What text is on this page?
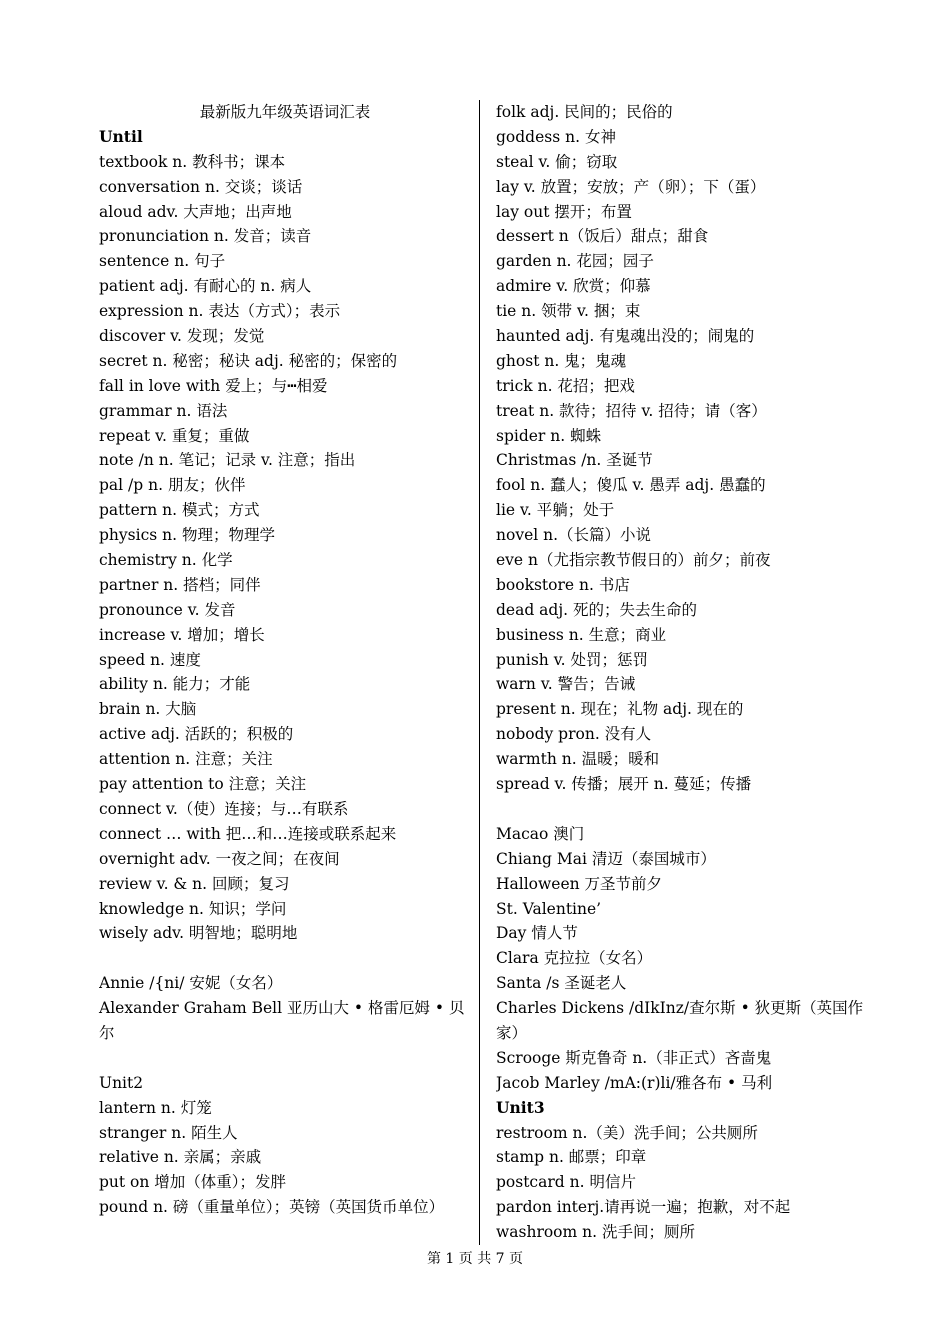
最新版九年级英语词汇表
Until
textbook n. 教科书；课本
conversation n. 交谈；谈话
aloud adv. 大声地；出声地
pronunciation n. 发音；读音
sentence n. 句子
patient adj. 有耐心的 n. 病人
expression n. 表达（方式）；表示
discover v. 发现；发觉
secret n. 秘密；秘诀 adj. 秘密的；保密的
fall in love with 爱上；与┅相爱
grammar n. 语法
repeat v. 重复；重做
note /n n. 笔记；记录 v. 注意；指出
pal /p n. 朋友；伙伴
pattern n. 模式；方式
physics n. 物理；物理学
chemistry n. 化学
partner n. 搭档；同伴
pronounce v. 发音
increase v. 增加；增长
speed n. 速度
ability n. 能力；才能
brain n. 大脑
active adj. 活跃的；积极的
attention n. 注意；关注
pay attention to 注意；关注
connect v.（使）连接；与…有联系
connect … with 把…和…连接或联系起来
overnight adv. 一夜之间；在夜间
review v. & n. 回顾；复习
knowledge n. 知识；学问
wisely adv. 明智地；聪明地

Annie /{ni/ 安妮（女名）
Alexander Graham Bell 亚历山大 • 格雷厄姆 • 贝尔

Unit2
lantern n. 灯笼
stranger n. 陌生人
relative n. 亲属；亲戚
put on 增加（体重）；发胖
pound n. 磅（重量单位）；英镑（英国货币单位）
folk adj. 民间的；民俗的
goddess n. 女神
steal v. 偷；窃取
lay v. 放置；安放；产（卵）；下（蛋）
lay out 摆开；布置
dessert n（饭后）甜点；甜食
garden n. 花园；园子
admire v. 欣赏；仰慕
tie n. 领带 v. 捆；束
haunted adj. 有鬼魂出没的；闹鬼的
ghost n. 鬼；鬼魂
trick n. 花招；把戏
treat n. 款待；招待 v. 招待；请（客）
spider n. 蜘蛛
Christmas /n. 圣诞节
fool n. 蠢人；傻瓜 v. 愚弄 adj. 愚蠢的
lie v. 平躺；处于
novel n.（长篇）小说
eve n（尤指宗教节假日的）前夕；前夜
bookstore n. 书店
dead adj. 死的；失去生命的
business n. 生意；商业
punish v. 处罚；惩罚
warn v. 警告；告诫
present n. 现在；礼物 adj. 现在的
nobody pron. 没有人
warmth n. 温暖；暖和
spread v. 传播；展开 n. 蔓延；传播

Macao 澳门
Chiang Mai 清迈（泰国城市）
Halloween 万圣节前夕
St. Valentine’
Day 情人节
Clara 克拉拉（女名）
Santa /s 圣诞老人
Charles Dickens /dIkInz/查尔斯 • 狄更斯（英国作家）
Scrooge 斯克鲁奇 n.（非正式）吝啬鬼
Jacob Marley /mA:(r)li/雅各布 • 马利
Unit3
restroom n.（美）洗手间；公共厕所
stamp n. 邮票；印章
postcard n. 明信片
pardon interj.请再说一遍；抱歉，对不起
washroom n. 洗手间；厕所
第 1 页 共 7 页
